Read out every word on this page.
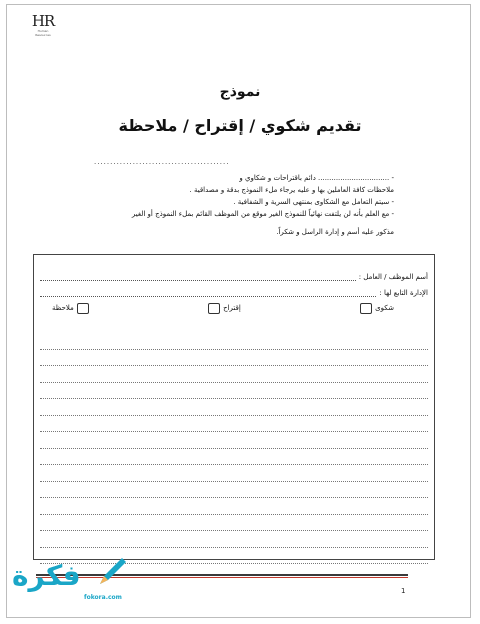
HR
Human Resources
نموذج
تقديم شكوي / إقتراح / ملاحظة
..........................................
- ................................ دائم باقتراحات و شكاوي و
ملاحظات كافة العاملين بها و عليه يرجاء ملء النموذج بدقة و مصداقية .
- سيتم التعامل مع الشكاوى بمنتهى السرية و الشفافية .
- مع العلم بأنه لن يلتفت نهائياً للنموذج الغير موقع من الموظف القائم بملء النموذج أو الغير
مذكور عليه أسم و إدارة الراسل و شكراً.
أسم الموظف / العامل :
الإدارة التابع لها :
شكوى
إقتراح
ملاحظة
1
فكرة
fokora.com
